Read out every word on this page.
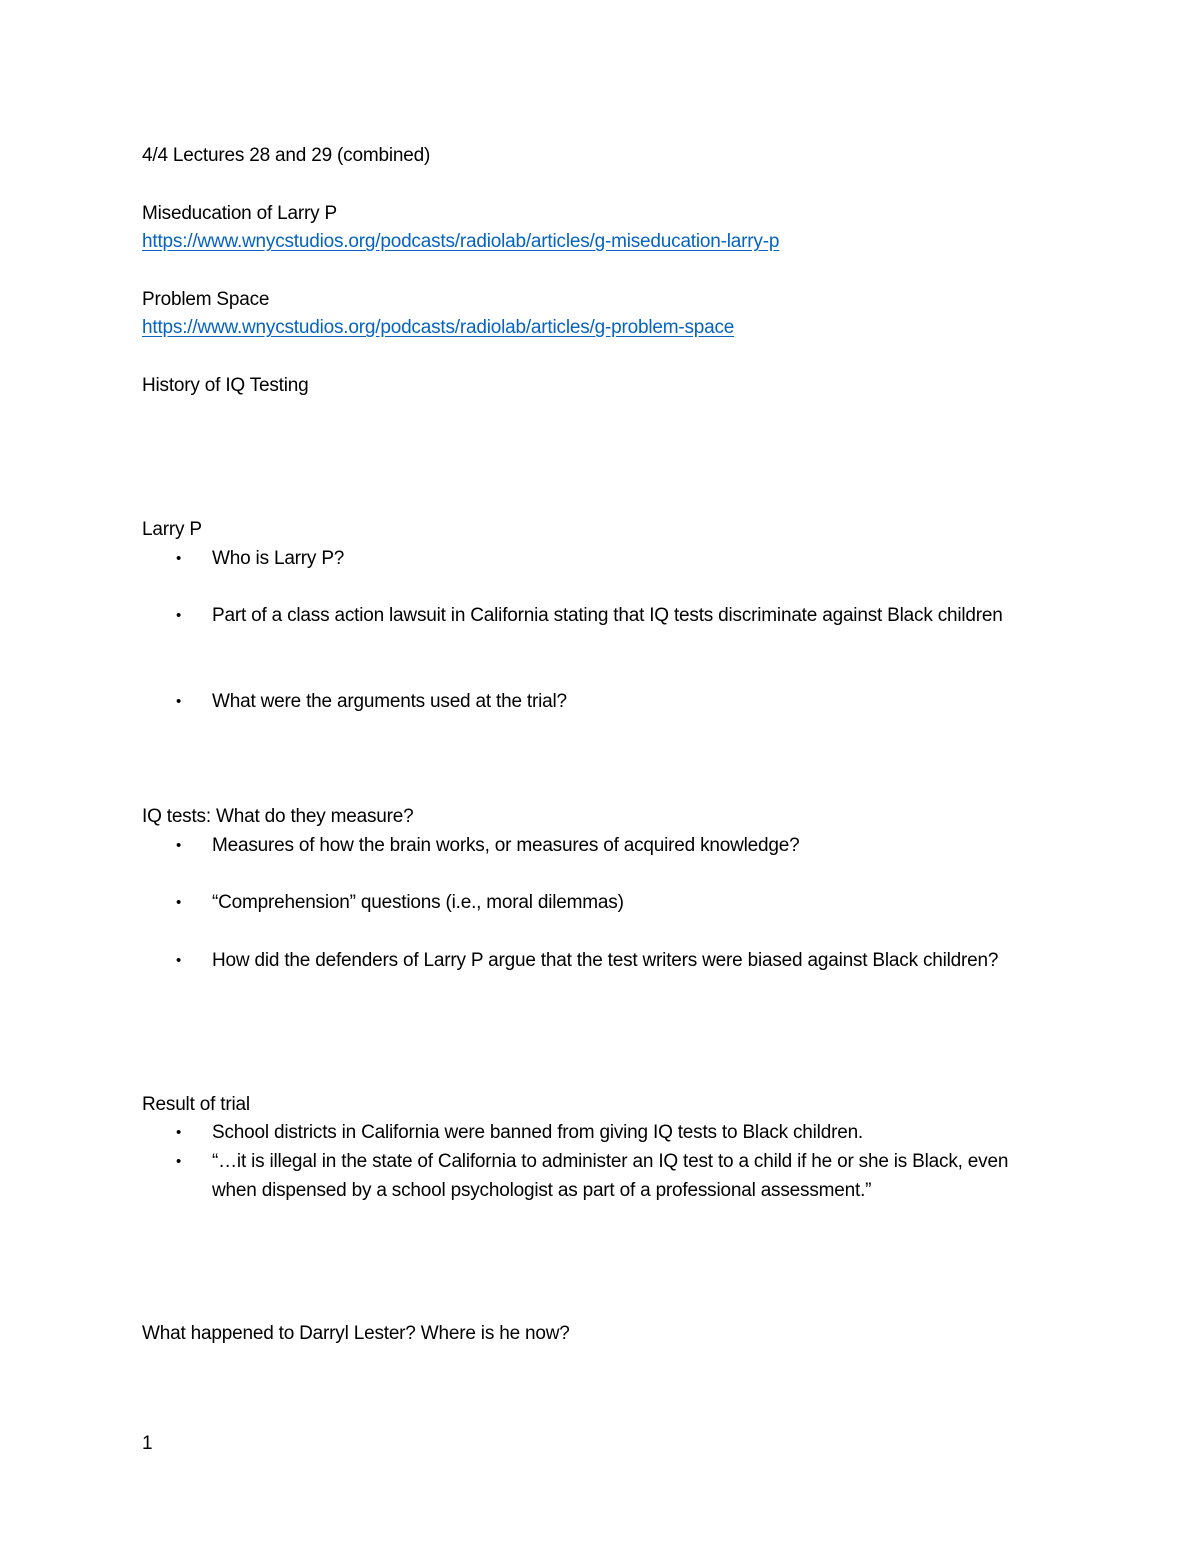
4/4 Lectures 28 and 29 (combined)
Miseducation of Larry P
https://www.wnycstudios.org/podcasts/radiolab/articles/g-miseducation-larry-p
Problem Space
https://www.wnycstudios.org/podcasts/radiolab/articles/g-problem-space
History of IQ Testing
Larry P
• Who is Larry P?
• Part of a class action lawsuit in California stating that IQ tests discriminate against Black children
• What were the arguments used at the trial?
IQ tests: What do they measure?
• Measures of how the brain works, or measures of acquired knowledge?
• “Comprehension” questions (i.e., moral dilemmas)
• How did the defenders of Larry P argue that the test writers were biased against Black children?
Result of trial
• School districts in California were banned from giving IQ tests to Black children.
• “…it is illegal in the state of California to administer an IQ test to a child if he or she is Black, even when dispensed by a school psychologist as part of a professional assessment.”
What happened to Darryl Lester? Where is he now?
1
